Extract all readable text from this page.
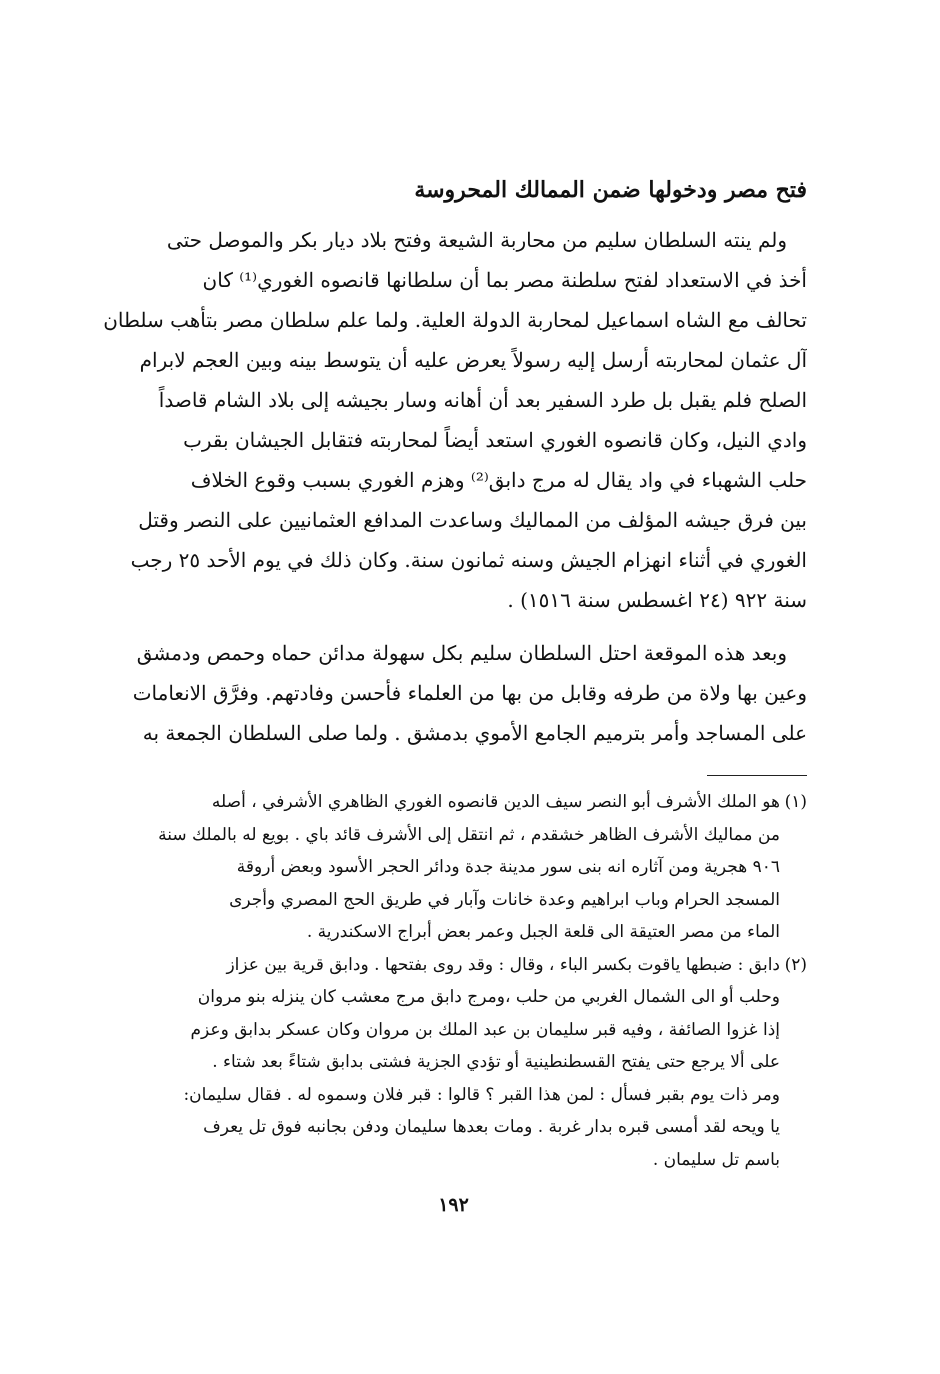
فتح مصر ودخولها ضمن الممالك المحروسة
ولم ينته السلطان سليم من محاربة الشيعة وفتح بلاد ديار بكر والموصل حتى
أخذ في الاستعداد لفتح سلطنة مصر بما أن سلطانها قانصوه الغوري⁽¹⁾ كان
تحالف مع الشاه اسماعيل لمحاربة الدولة العلية. ولما علم سلطان مصر بتأهب سلطان
آل عثمان لمحاربته أرسل إليه رسولاً يعرض عليه أن يتوسط بينه وبين العجم لابرام
الصلح فلم يقبل بل طرد السفير بعد أن أهانه وسار بجيشه إلى بلاد الشام قاصداً
وادي النيل، وكان قانصوه الغوري استعد أيضاً لمحاربته فتقابل الجيشان بقرب
حلب الشهباء في واد يقال له مرج دابق⁽²⁾ وهزم الغوري بسبب وقوع الخلاف
بين فرق جيشه المؤلف من المماليك وساعدت المدافع العثمانيين على النصر وقتل
الغوري في أثناء انهزام الجيش وسنه ثمانون سنة. وكان ذلك في يوم الأحد ٢٥ رجب
سنة ٩٢٢ (٢٤ اغسطس سنة ١٥١٦) .
وبعد هذه الموقعة احتل السلطان سليم بكل سهولة مدائن حماه وحمص ودمشق
وعين بها ولاة من طرفه وقابل من بها من العلماء فأحسن وفادتهم. وفرَّق الانعامات
على المساجد وأمر بترميم الجامع الأموي بدمشق . ولما صلى السلطان الجمعة به
(١)هو الملك الأشرف أبو النصر سيف الدين قانصوه الغوري الظاهري الأشرفي ، أصله
من مماليك الأشرف الظاهر خشقدم ، ثم انتقل إلى الأشرف قائد باي . بويع له بالملك سنة
٩٠٦ هجرية ومن آثاره انه بنى سور مدينة جدة ودائر الحجر الأسود وبعض أروقة
المسجد الحرام وباب ابراهيم وعدة خانات وآبار في طريق الحج المصري وأجرى
الماء من مصر العتيقة الى قلعة الجبل وعمر بعض أبراج الاسكندرية .
(٢)دابق : ضبطها ياقوت بكسر الباء ، وقال : وقد روى بفتحها . ودابق قرية بين عزاز
وحلب أو الى الشمال الغربي من حلب ،ومرج دابق مرج معشب كان ينزله بنو مروان
إذا غزوا الصائفة ، وفيه قبر سليمان بن عبد الملك بن مروان وكان عسكر بدابق وعزم
على ألا يرجع حتى يفتح القسطنطينية أو تؤدي الجزية فشتى بدابق شتاءً بعد شتاء .
ومر ذات يوم بقبر فسأل : لمن هذا القبر ؟ قالوا : قبر فلان وسموه له . فقال سليمان:
يا ويحه لقد أمسى قبره بدار غربة . ومات بعدها سليمان ودفن بجانبه فوق تل يعرف
باسم تل سليمان .
١٩٢
